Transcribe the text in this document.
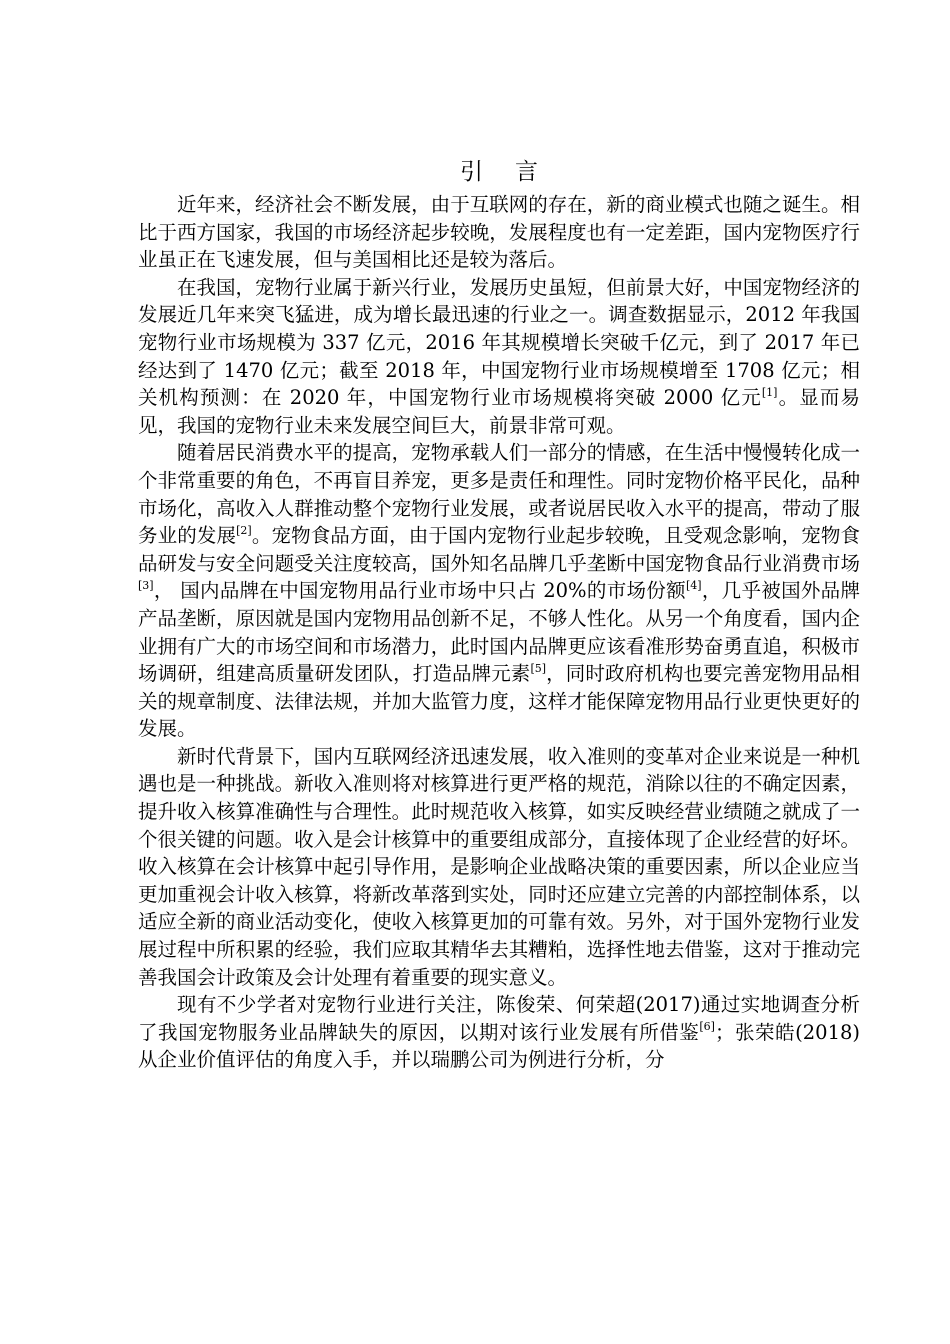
引 言

近年来，经济社会不断发展，由于互联网的存在，新的商业模式也随之诞生。相比于西方国家，我国的市场经济起步较晚，发展程度也有一定差距，国内宠物医疗行业虽正在飞速发展，但与美国相比还是较为落后。

在我国，宠物行业属于新兴行业，发展历史虽短，但前景大好，中国宠物经济的发展近几年来突飞猛进，成为增长最迅速的行业之一。调查数据显示，2012 年我国宠物行业市场规模为 337 亿元，2016 年其规模增长突破千亿元，到了 2017 年已经达到了 1470 亿元；截至 2018 年，中国宠物行业市场规模增至 1708 亿元；相关机构预测：在 2020 年，中国宠物行业市场规模将突破 2000 亿元[1]。显而易见，我国的宠物行业未来发展空间巨大，前景非常可观。

随着居民消费水平的提高，宠物承载人们一部分的情感，在生活中慢慢转化成一个非常重要的角色，不再盲目养宠，更多是责任和理性。同时宠物价格平民化，品种市场化，高收入人群推动整个宠物行业发展，或者说居民收入水平的提高，带动了服务业的发展[2]。宠物食品方面，由于国内宠物行业起步较晚，且受观念影响，宠物食品研发与安全问题受关注度较高，国外知名品牌几乎垄断中国宠物食品行业消费市场[3]， 国内品牌在中国宠物用品行业市场中只占 20%的市场份额[4]，几乎被国外品牌产品垄断，原因就是国内宠物用品创新不足，不够人性化。从另一个角度看，国内企业拥有广大的市场空间和市场潜力，此时国内品牌更应该看准形势奋勇直追，积极市场调研，组建高质量研发团队，打造品牌元素[5]，同时政府机构也要完善宠物用品相关的规章制度、法律法规，并加大监管力度，这样才能保障宠物用品行业更快更好的发展。

新时代背景下，国内互联网经济迅速发展，收入准则的变革对企业来说是一种机遇也是一种挑战。新收入准则将对核算进行更严格的规范，消除以往的不确定因素，提升收入核算准确性与合理性。此时规范收入核算，如实反映经营业绩随之就成了一个很关键的问题。收入是会计核算中的重要组成部分，直接体现了企业经营的好坏。收入核算在会计核算中起引导作用，是影响企业战略决策的重要因素，所以企业应当更加重视会计收入核算，将新改革落到实处，同时还应建立完善的内部控制体系，以适应全新的商业活动变化，使收入核算更加的可靠有效。另外，对于国外宠物行业发展过程中所积累的经验，我们应取其精华去其糟粕，选择性地去借鉴，这对于推动完善我国会计政策及会计处理有着重要的现实意义。

现有不少学者对宠物行业进行关注，陈俊荣、何荣超(2017)通过实地调查分析了我国宠物服务业品牌缺失的原因，以期对该行业发展有所借鉴[6]；张荣皓(2018)从企业价值评估的角度入手，并以瑞鹏公司为例进行分析，分
